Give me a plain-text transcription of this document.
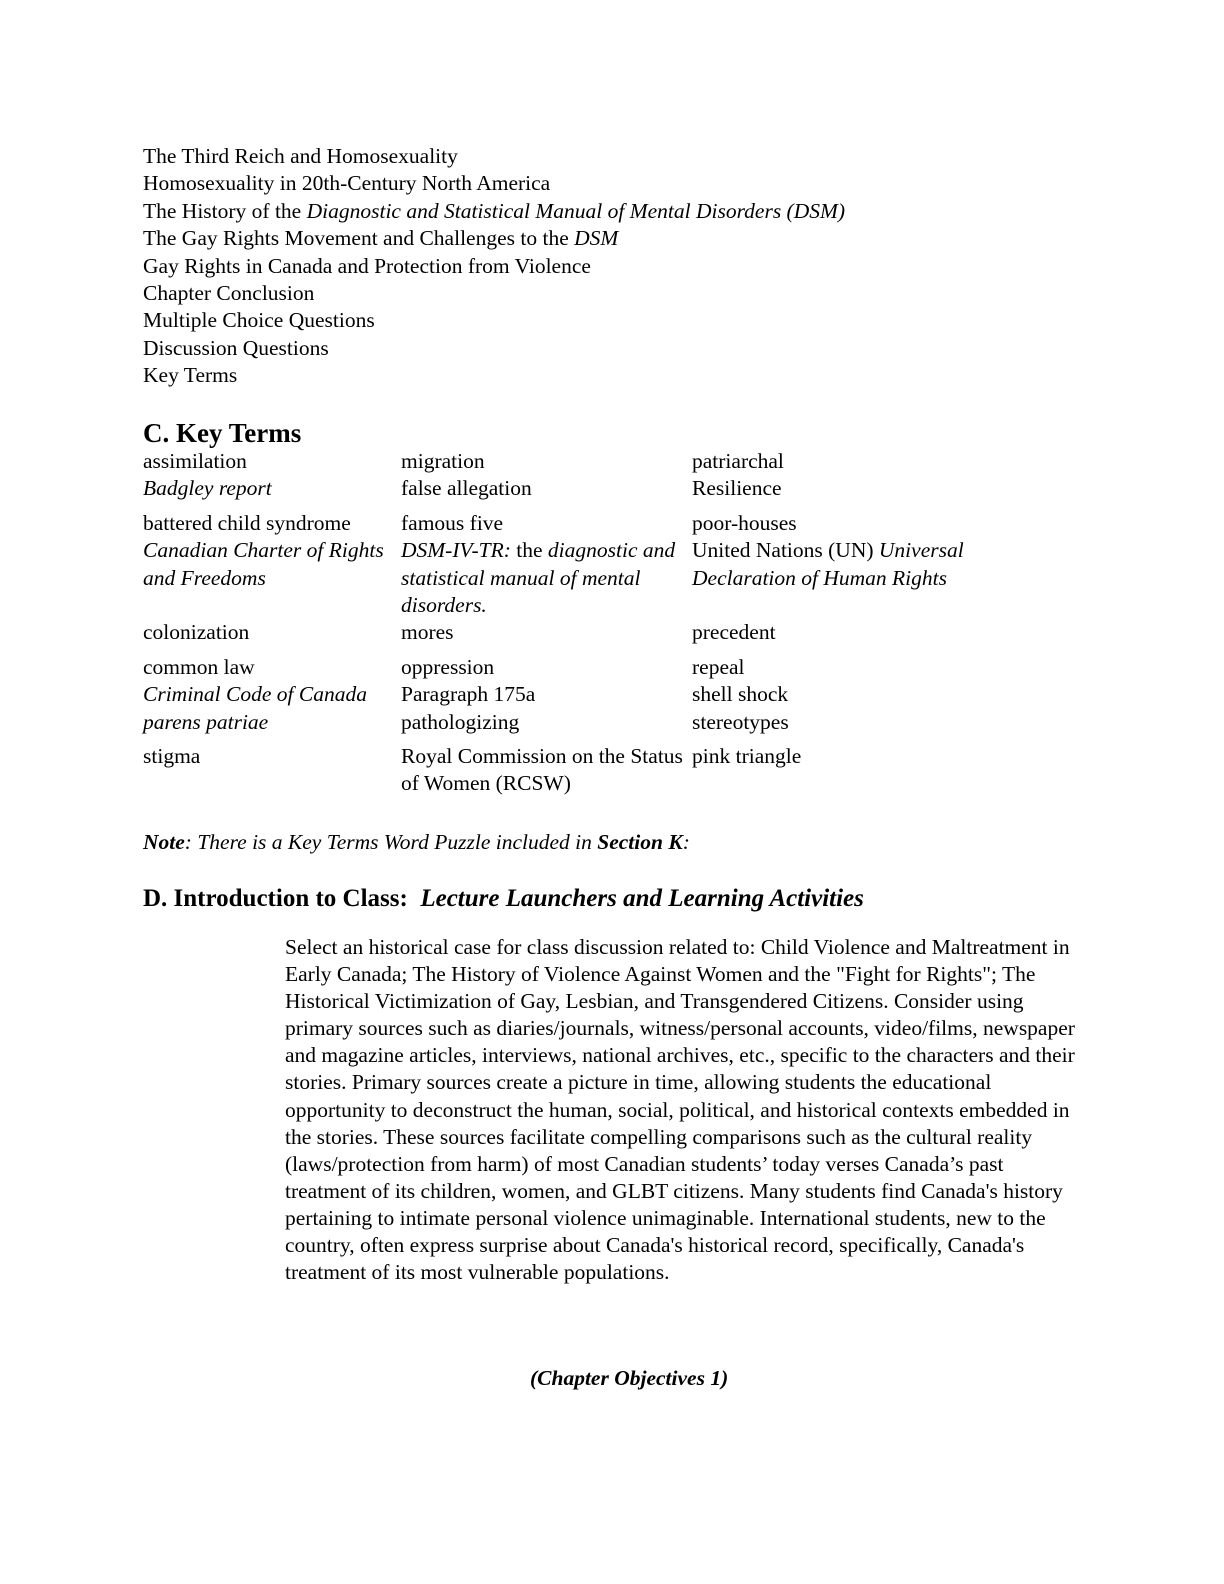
The Third Reich and Homosexuality
Homosexuality in 20th-Century North America
The History of the Diagnostic and Statistical Manual of Mental Disorders (DSM)
The Gay Rights Movement and Challenges to the DSM
Gay Rights in Canada and Protection from Violence
Chapter Conclusion
Multiple Choice Questions
Discussion Questions
Key Terms
C. Key Terms
assimilation	migration	patriarchal
Badgley report	false allegation	Resilience
battered child syndrome	famous five	poor-houses
Canadian Charter of Rights and Freedoms	DSM-IV-TR: the diagnostic and statistical manual of mental disorders.	United Nations (UN) Universal Declaration of Human Rights
colonization	mores	precedent
common law	oppression	repeal
Criminal Code of Canada	Paragraph 175a	shell shock
parens patriae	pathologizing	stereotypes
stigma	Royal Commission on the Status of Women (RCSW)	pink triangle
Note: There is a Key Terms Word Puzzle included in Section K:
D. Introduction to Class:  Lecture Launchers and Learning Activities

Select an historical case for class discussion related to: Child Violence and Maltreatment in Early Canada; The History of Violence Against Women and the "Fight for Rights"; The Historical Victimization of Gay, Lesbian, and Transgendered Citizens. Consider using primary sources such as diaries/journals, witness/personal accounts, video/films, newspaper and magazine articles, interviews, national archives, etc., specific to the characters and their stories. Primary sources create a picture in time, allowing students the educational opportunity to deconstruct the human, social, political, and historical contexts embedded in the stories. These sources facilitate compelling comparisons such as the cultural reality (laws/protection from harm) of most Canadian students’ today verses Canada’s past treatment of its children, women, and GLBT citizens. Many students find Canada's history pertaining to intimate personal violence unimaginable. International students, new to the country, often express surprise about Canada's historical record, specifically, Canada's treatment of its most vulnerable populations.

(Chapter Objectives 1)
